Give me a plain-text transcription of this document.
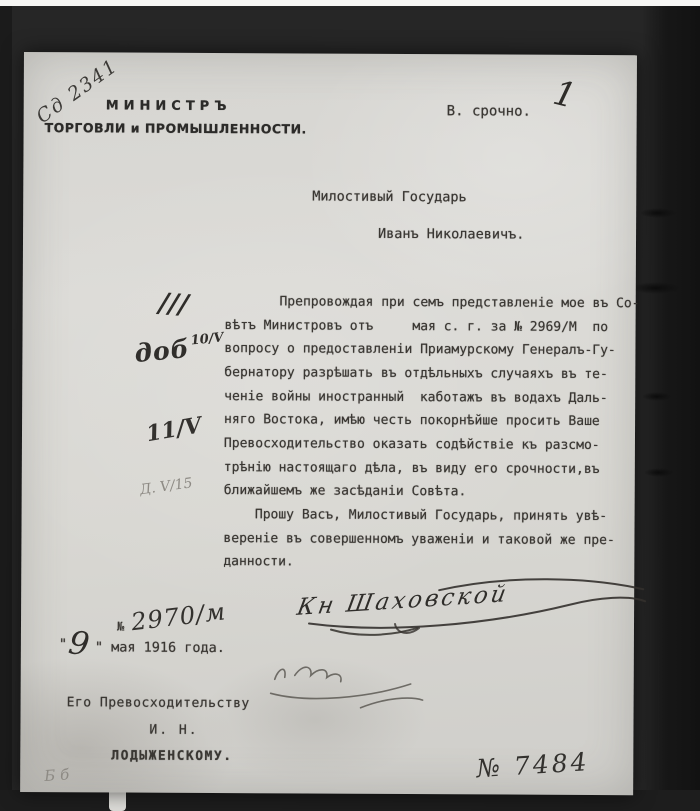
Сд 2341
МИНИСТРЪ
ТОРГОВЛИ и ПРОМЫШЛЕННОСТИ.
В. срочно. 1
Милостивый Государь
Иванъ Николаевичъ.
///
доб$^{10/V}$
11/V
Д. V/15
Препровождая при семъ представленіе мое въ Со-
вѣтъ Министровъ отъ     мая с. г. за № 2969/М  по
вопросу о предоставленіи Приамурскому Генералъ-Гу-
бернатору разрѣшать въ отдѣльныхъ случаяхъ въ те-
ченіе войны иностранный  каботажъ въ водахъ Даль-
няго Востока, имѣю честь покорнѣйше просить Ваше
Превосходительство оказать содѣйствіе къ разсмо-
трѣнію настоящаго дѣла, въ виду его срочности,въ
ближайшемъ же засѣданіи Совѣта.
Прошу Васъ, Милостивый Государь, принять увѣ-
вереніе въ совершенномъ уваженіи и таковой же пре-
данности.
Кн Шаховской
№ 2970/м
" 9 " мая 1916 года.
Его Превосходительству
И. Н.
ЛОДЫЖЕНСКОМУ.	№ 7484
Б б
